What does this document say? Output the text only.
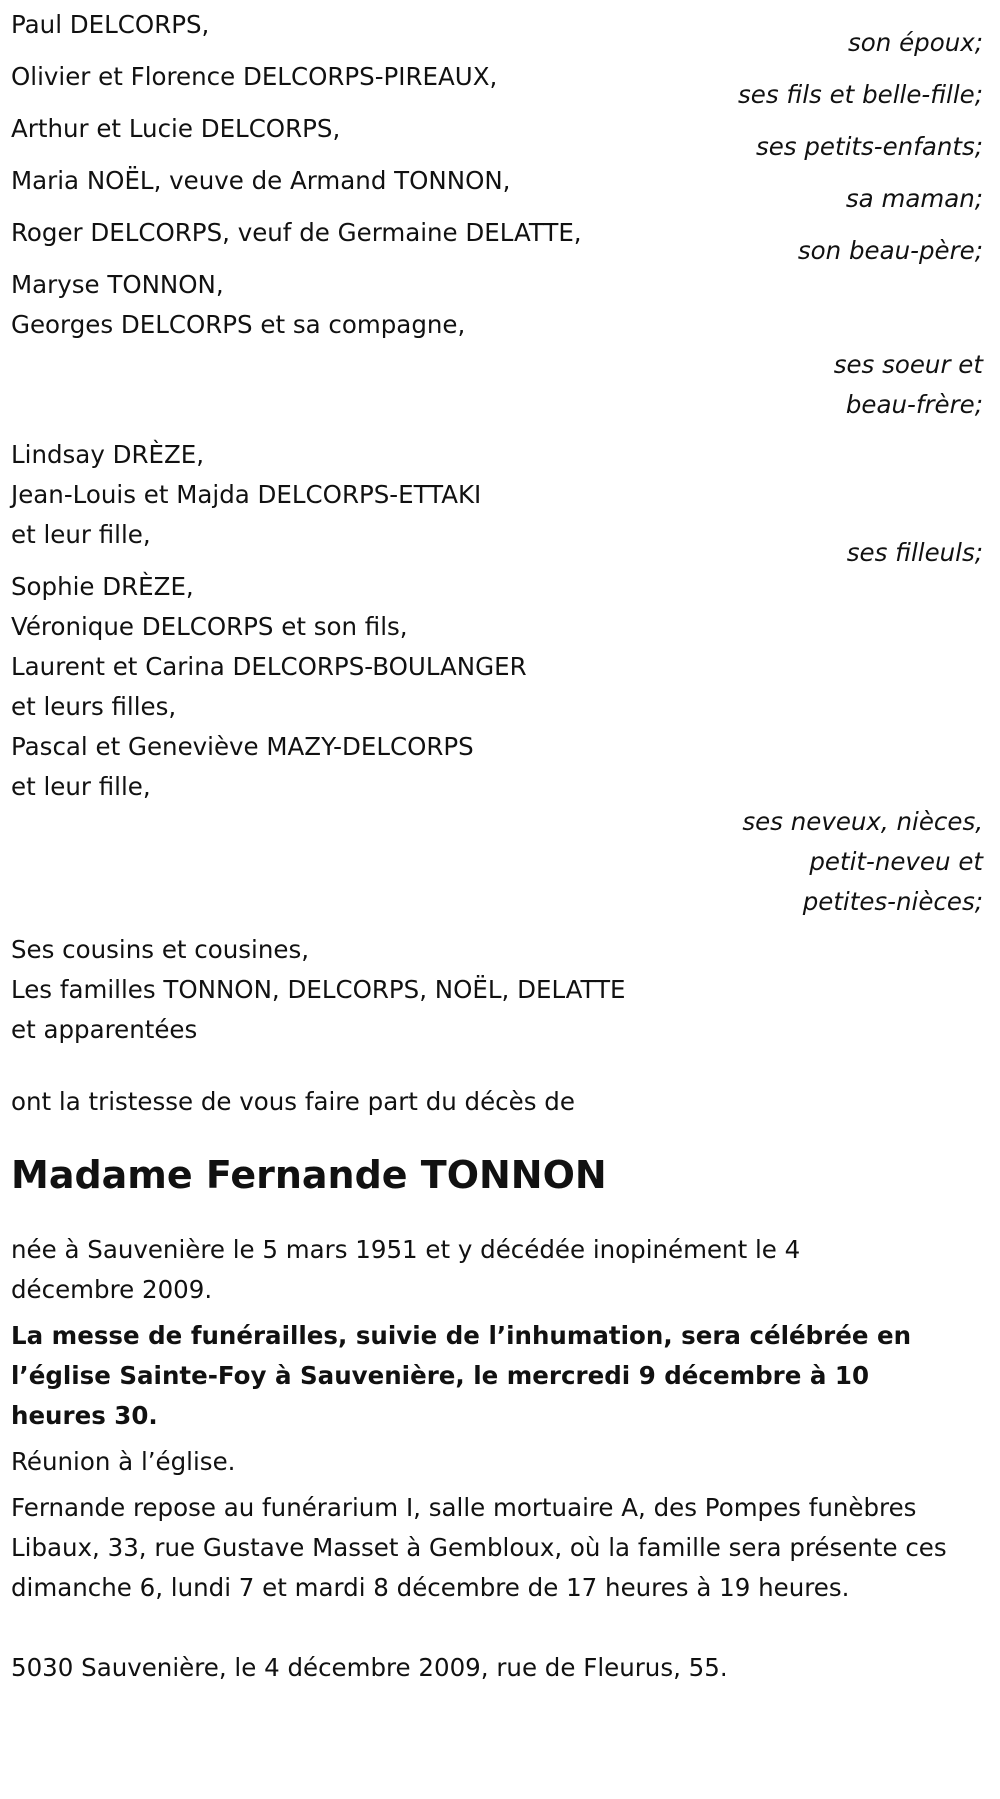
Paul DELCORPS,
son époux;
Olivier et Florence DELCORPS-PIREAUX,
ses fils et belle-fille;
Arthur et Lucie DELCORPS,
ses petits-enfants;
Maria NOËL, veuve de Armand TONNON,
sa maman;
Roger DELCORPS, veuf de Germaine DELATTE,
son beau-père;
Maryse TONNON,
Georges DELCORPS et sa compagne,
ses soeur et
beau-frère;
Lindsay DRÈZE,
Jean-Louis et Majda DELCORPS-ETTAKI
et leur fille,
ses filleuls;
Sophie DRÈZE,
Véronique DELCORPS et son fils,
Laurent et Carina DELCORPS-BOULANGER
et leurs filles,
Pascal et Geneviève MAZY-DELCORPS
et leur fille,
ses neveux, nièces,
petit-neveu et
petites-nièces;
Ses cousins et cousines,
Les familles TONNON, DELCORPS, NOËL, DELATTE
et apparentées
ont la tristesse de vous faire part du décès de
Madame Fernande TONNON
née à Sauvenière le 5 mars 1951 et y décédée inopinément le 4 décembre 2009.
La messe de funérailles, suivie de l’inhumation, sera célébrée en l’église Sainte-Foy à Sauvenière, le mercredi 9 décembre à 10 heures 30.
Réunion à l’église.
Fernande repose au funérarium I, salle mortuaire A, des Pompes funèbres Libaux, 33, rue Gustave Masset à Gembloux, où la famille sera présente ces dimanche 6, lundi 7 et mardi 8 décembre de 17 heures à 19 heures.
5030 Sauvenière, le 4 décembre 2009, rue de Fleurus, 55.
